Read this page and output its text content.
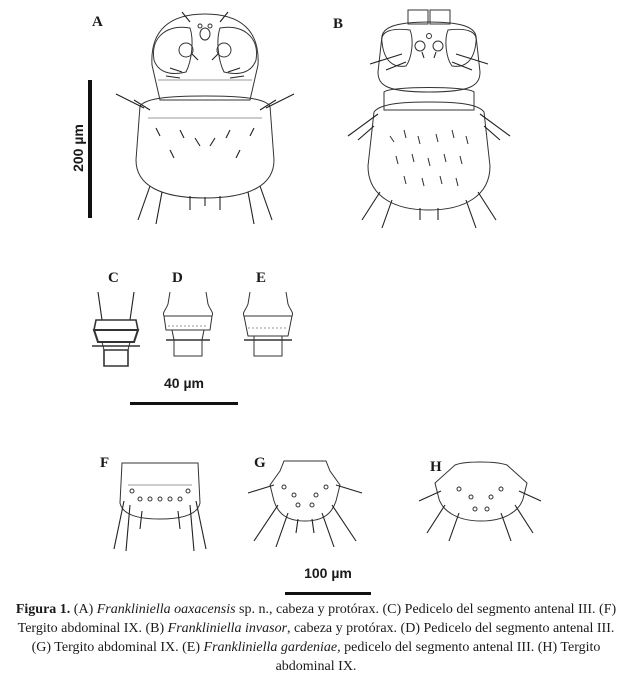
A	B
C	D	E
F	G	H
200 µm
40 µm
100 µm
Figura 1. (A) Frankliniella oaxacensis sp. n., cabeza y protórax. (C) Pedicelo del segmento antenal III. (F) Tergito abdominal IX. (B) Frankliniella invasor, cabeza y protórax. (D) Pedicelo del segmento antenal III.(G) Tergito abdominal IX. (E) Frankliniella gardeniae, pedicelo del segmento antenal III. (H) Tergito abdominal IX.
